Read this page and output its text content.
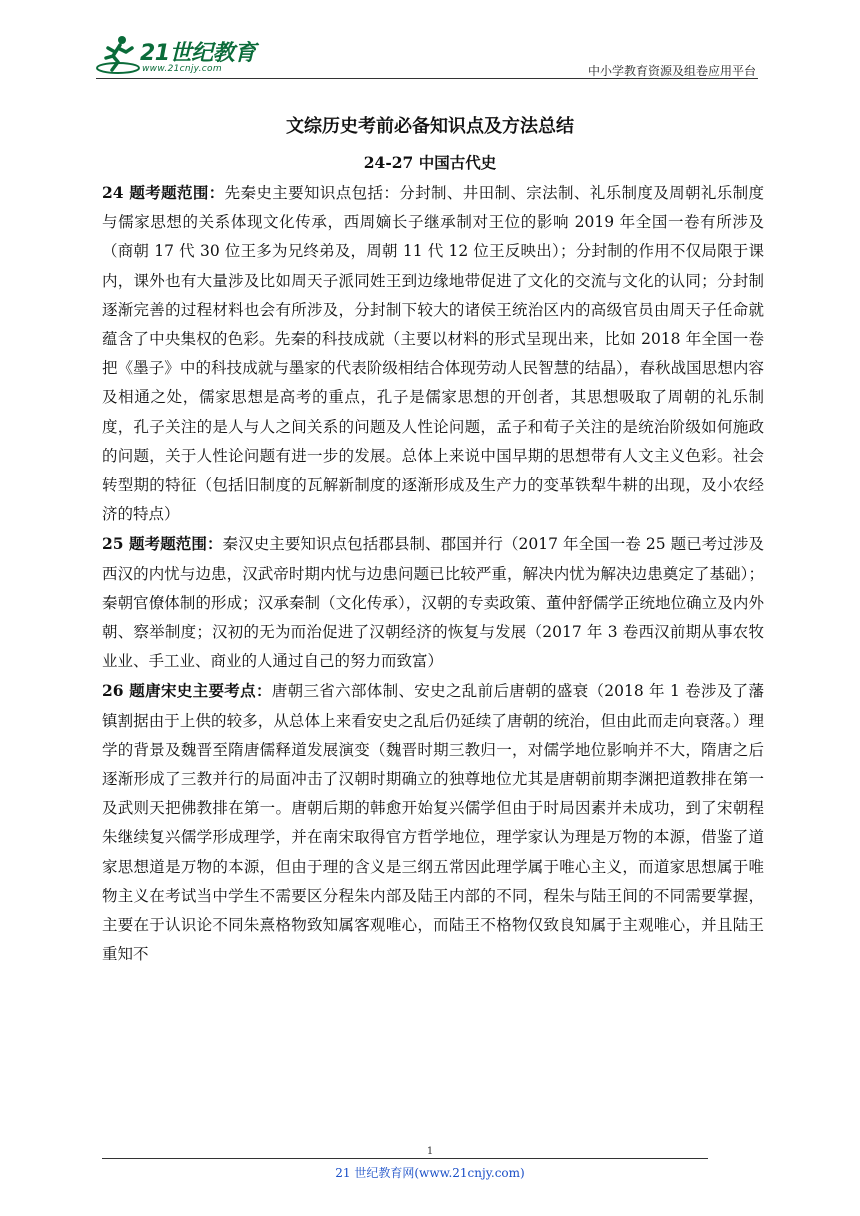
21世纪教育
www.21cnjy.com	中小学教育资源及组卷应用平台
文综历史考前必备知识点及方法总结
24-27 中国古代史

24 题考题范围：先秦史主要知识点包括：分封制、井田制、宗法制、礼乐制度及周朝礼乐制度与儒家思想的关系体现文化传承，西周嫡长子继承制对王位的影响 2019 年全国一卷有所涉及（商朝 17 代 30 位王多为兄终弟及，周朝 11 代 12 位王反映出）；分封制的作用不仅局限于课内，课外也有大量涉及比如周天子派同姓王到边缘地带促进了文化的交流与文化的认同；分封制逐渐完善的过程材料也会有所涉及，分封制下较大的诸侯王统治区内的高级官员由周天子任命就蕴含了中央集权的色彩。先秦的科技成就（主要以材料的形式呈现出来，比如 2018 年全国一卷把《墨子》中的科技成就与墨家的代表阶级相结合体现劳动人民智慧的结晶），春秋战国思想内容及相通之处，儒家思想是高考的重点，孔子是儒家思想的开创者，其思想吸取了周朝的礼乐制度，孔子关注的是人与人之间关系的问题及人性论问题，孟子和荀子关注的是统治阶级如何施政的问题，关于人性论问题有进一步的发展。总体上来说中国早期的思想带有人文主义色彩。社会转型期的特征（包括旧制度的瓦解新制度的逐渐形成及生产力的变革铁犁牛耕的出现，及小农经济的特点）

25 题考题范围：秦汉史主要知识点包括郡县制、郡国并行（2017 年全国一卷 25 题已考过涉及西汉的内忧与边患，汉武帝时期内忧与边患问题已比较严重，解决内忧为解决边患奠定了基础）；秦朝官僚体制的形成；汉承秦制（文化传承），汉朝的专卖政策、董仲舒儒学正统地位确立及内外朝、察举制度；汉初的无为而治促进了汉朝经济的恢复与发展（2017 年 3 卷西汉前期从事农牧业业、手工业、商业的人通过自己的努力而致富）

26 题唐宋史主要考点：唐朝三省六部体制、安史之乱前后唐朝的盛衰（2018 年 1 卷涉及了藩镇割据由于上供的较多，从总体上来看安史之乱后仍延续了唐朝的统治，但由此而走向衰落。）理学的背景及魏晋至隋唐儒释道发展演变（魏晋时期三教归一，对儒学地位影响并不大，隋唐之后逐渐形成了三教并行的局面冲击了汉朝时期确立的独尊地位尤其是唐朝前期李渊把道教排在第一及武则天把佛教排在第一。唐朝后期的韩愈开始复兴儒学但由于时局因素并未成功，到了宋朝程朱继续复兴儒学形成理学，并在南宋取得官方哲学地位，理学家认为理是万物的本源，借鉴了道家思想道是万物的本源，但由于理的含义是三纲五常因此理学属于唯心主义，而道家思想属于唯物主义在考试当中学生不需要区分程朱内部及陆王内部的不同，程朱与陆王间的不同需要掌握，主要在于认识论不同朱熹格物致知属客观唯心，而陆王不格物仅致良知属于主观唯心，并且陆王重知不

1
21 世纪教育网(www.21cnjy.com)
